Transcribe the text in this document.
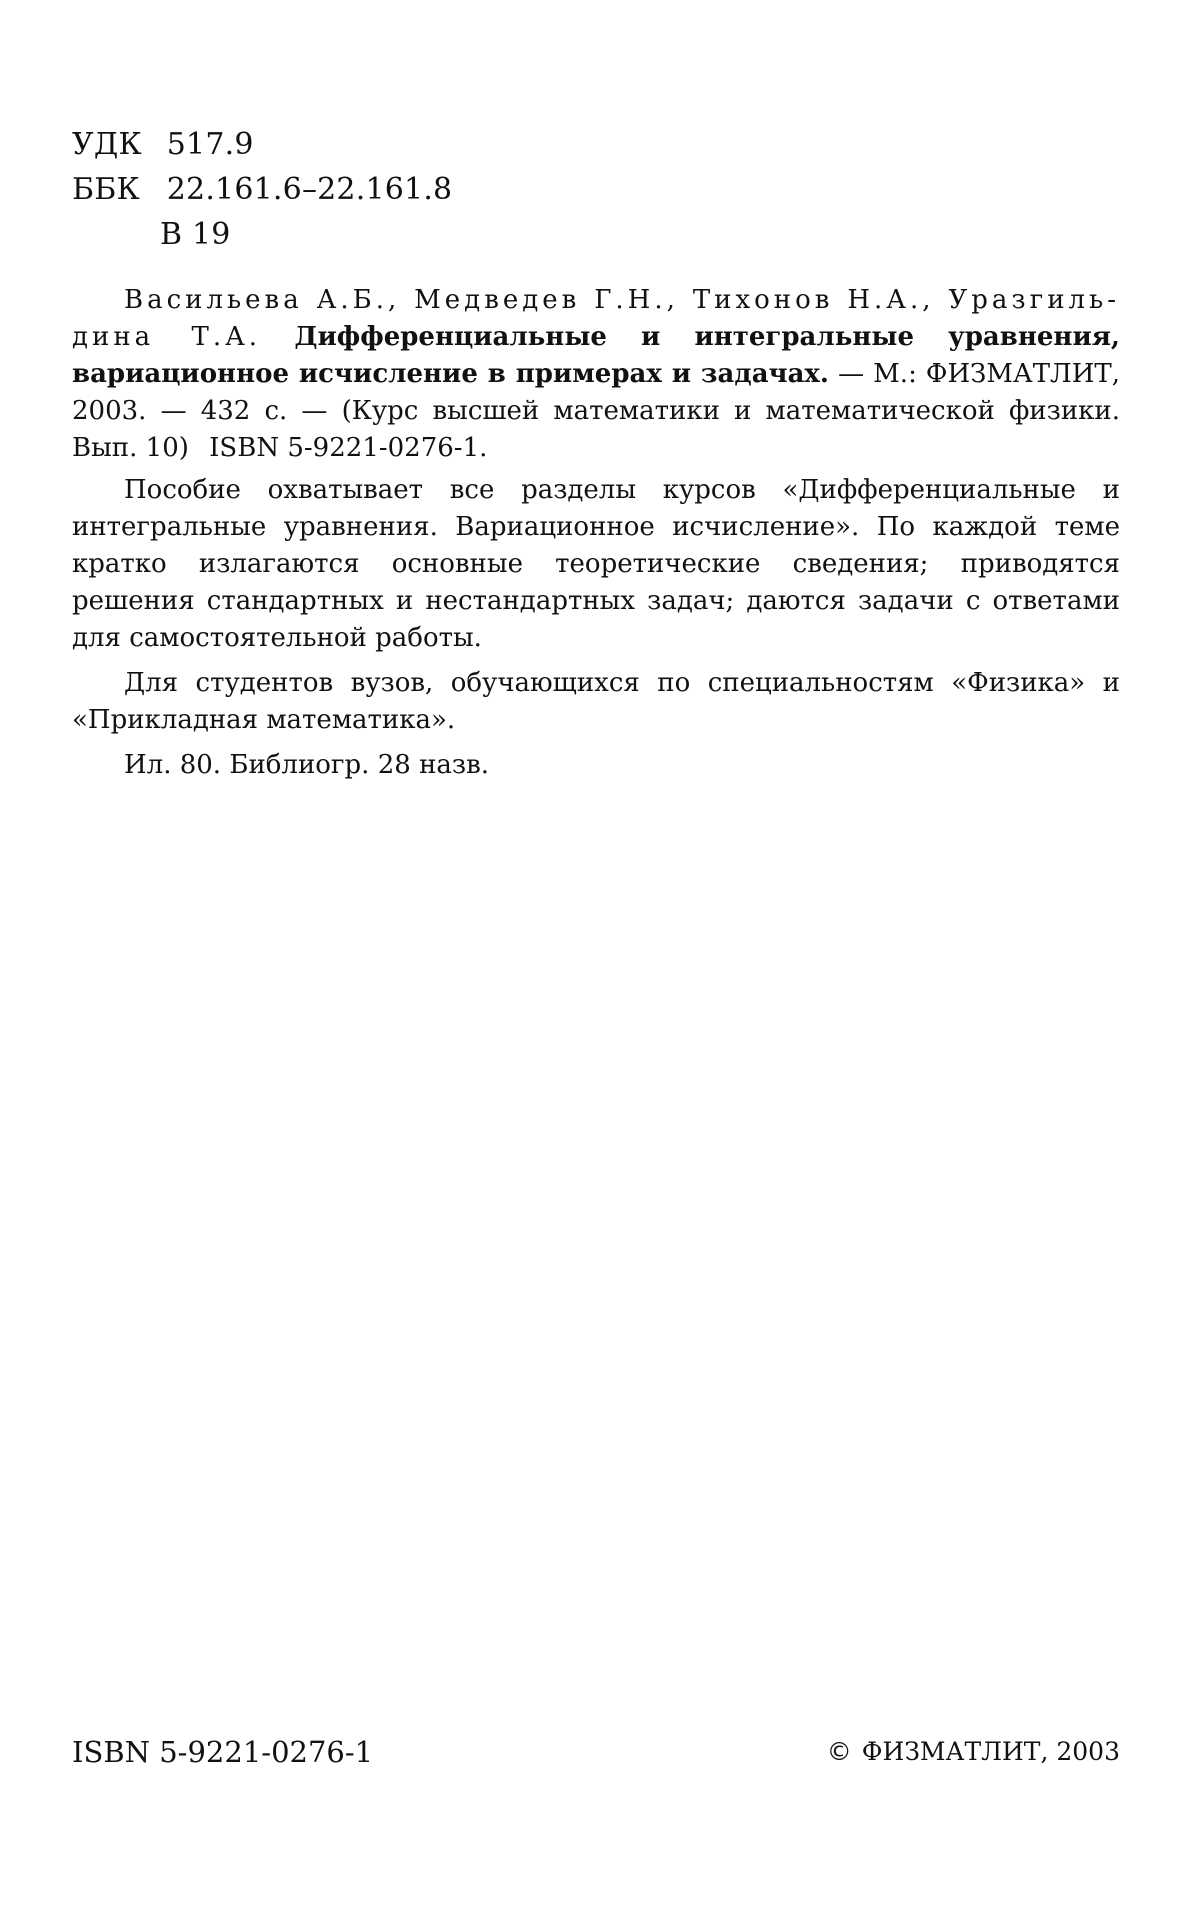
УДК 517.9
ББК 22.161.6–22.161.8
В 19

Васильева А.Б., Медведев Г.Н., Тихонов Н.А., Уразгиль-дина Т.А. Дифференциальные и интегральные уравнения, вариационное исчисление в примерах и задачах. — М.: ФИЗМАТЛИТ, 2003. — 432 с. — (Курс высшей математики и математической физики. Вып. 10) ISBN 5-9221-0276-1.

Пособие охватывает все разделы курсов «Дифференциальные и интегральные уравнения. Вариационное исчисление». По каждой теме кратко излагаются основные теоретические сведения; приводятся решения стандартных и нестандартных задач; даются задачи с ответами для самостоятельной работы.

Для студентов вузов, обучающихся по специальностям «Физика» и «Прикладная математика».

Ил. 80. Библиогр. 28 назв.

ISBN 5-9221-0276-1	© ФИЗМАТЛИТ, 2003
